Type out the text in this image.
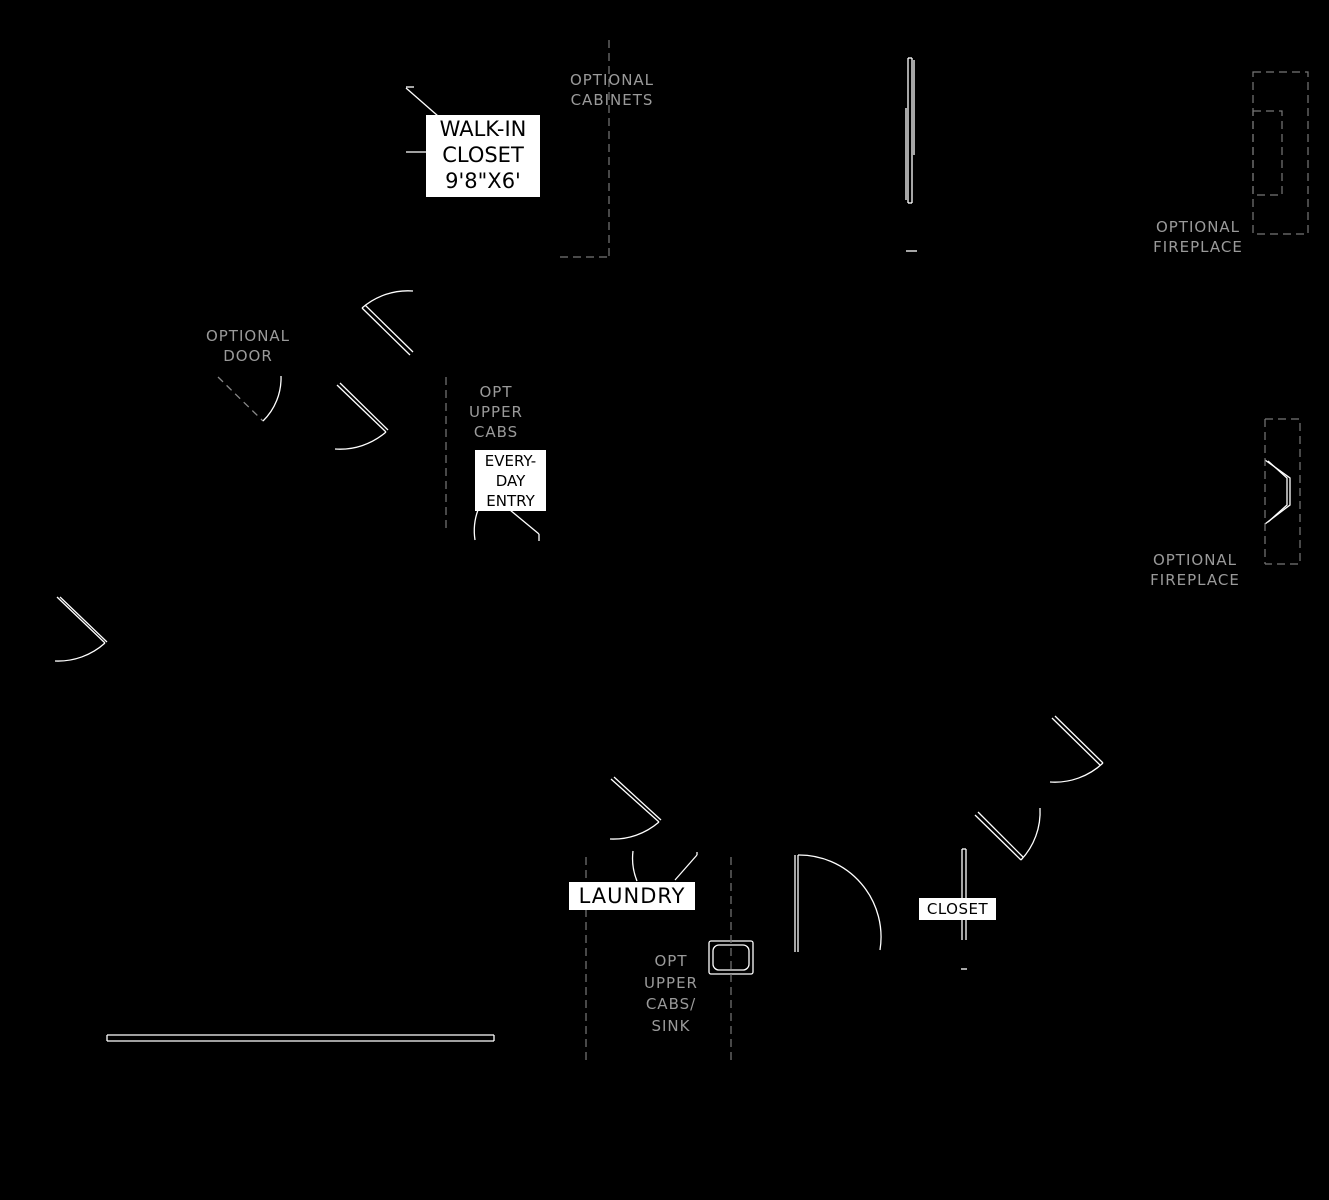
WALK-IN
CLOSET
9'8"X6'
EVERY-
DAY
ENTRY
LAUNDRY
CLOSET
OPTIONAL
CABINETS
OPTIONAL
FIREPLACE
OPTIONAL
DOOR
OPT
UPPER
CABS
OPTIONAL
FIREPLACE
OPT
UPPER
CABS/
SINK
